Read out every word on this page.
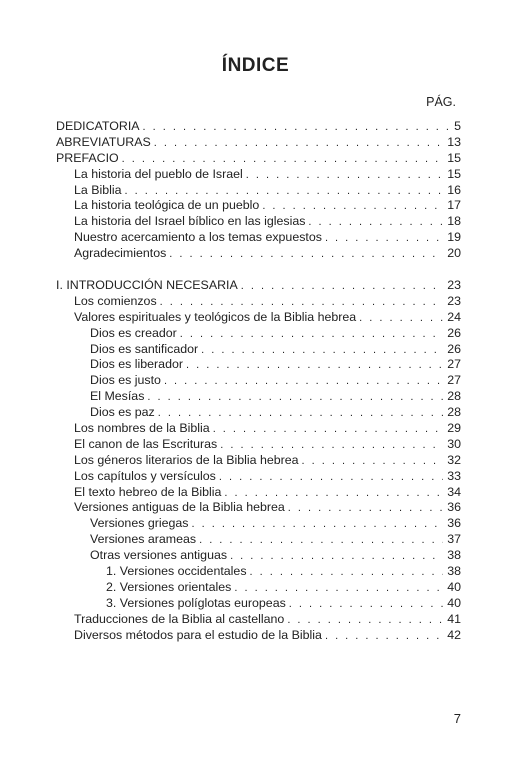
ÍNDICE
PÁG.
DEDICATORIA . . .	5
ABREVIATURAS . . .	13
PREFACIO . . .	15
La historia del pueblo de Israel . . .	15
La Biblia . . .	16
La historia teológica de un pueblo . . .	17
La historia del Israel bíblico en las iglesias . . .	18
Nuestro acercamiento a los temas expuestos . . .	19
Agradecimientos . . .	20
I. INTRODUCCIÓN NECESARIA . . .	23
Los comienzos . . .	23
Valores espirituales y teológicos de la Biblia hebrea . . .	24
Dios es creador . . .	26
Dios es santificador . . .	26
Dios es liberador . . .	27
Dios es justo . . .	27
El Mesías . . .	28
Dios es paz . . .	28
Los nombres de la Biblia . . .	29
El canon de las Escrituras . . .	30
Los géneros literarios de la Biblia hebrea . . .	32
Los capítulos y versículos . . .	33
El texto hebreo de la Biblia . . .	34
Versiones antiguas de la Biblia hebrea . . .	36
Versiones griegas . . .	36
Versiones arameas . . .	37
Otras versiones antiguas . . .	38
1. Versiones occidentales . . .	38
2. Versiones orientales . . .	40
3. Versiones políglotas europeas . . .	40
Traducciones de la Biblia al castellano . . .	41
Diversos métodos para el estudio de la Biblia . . .	42
7
